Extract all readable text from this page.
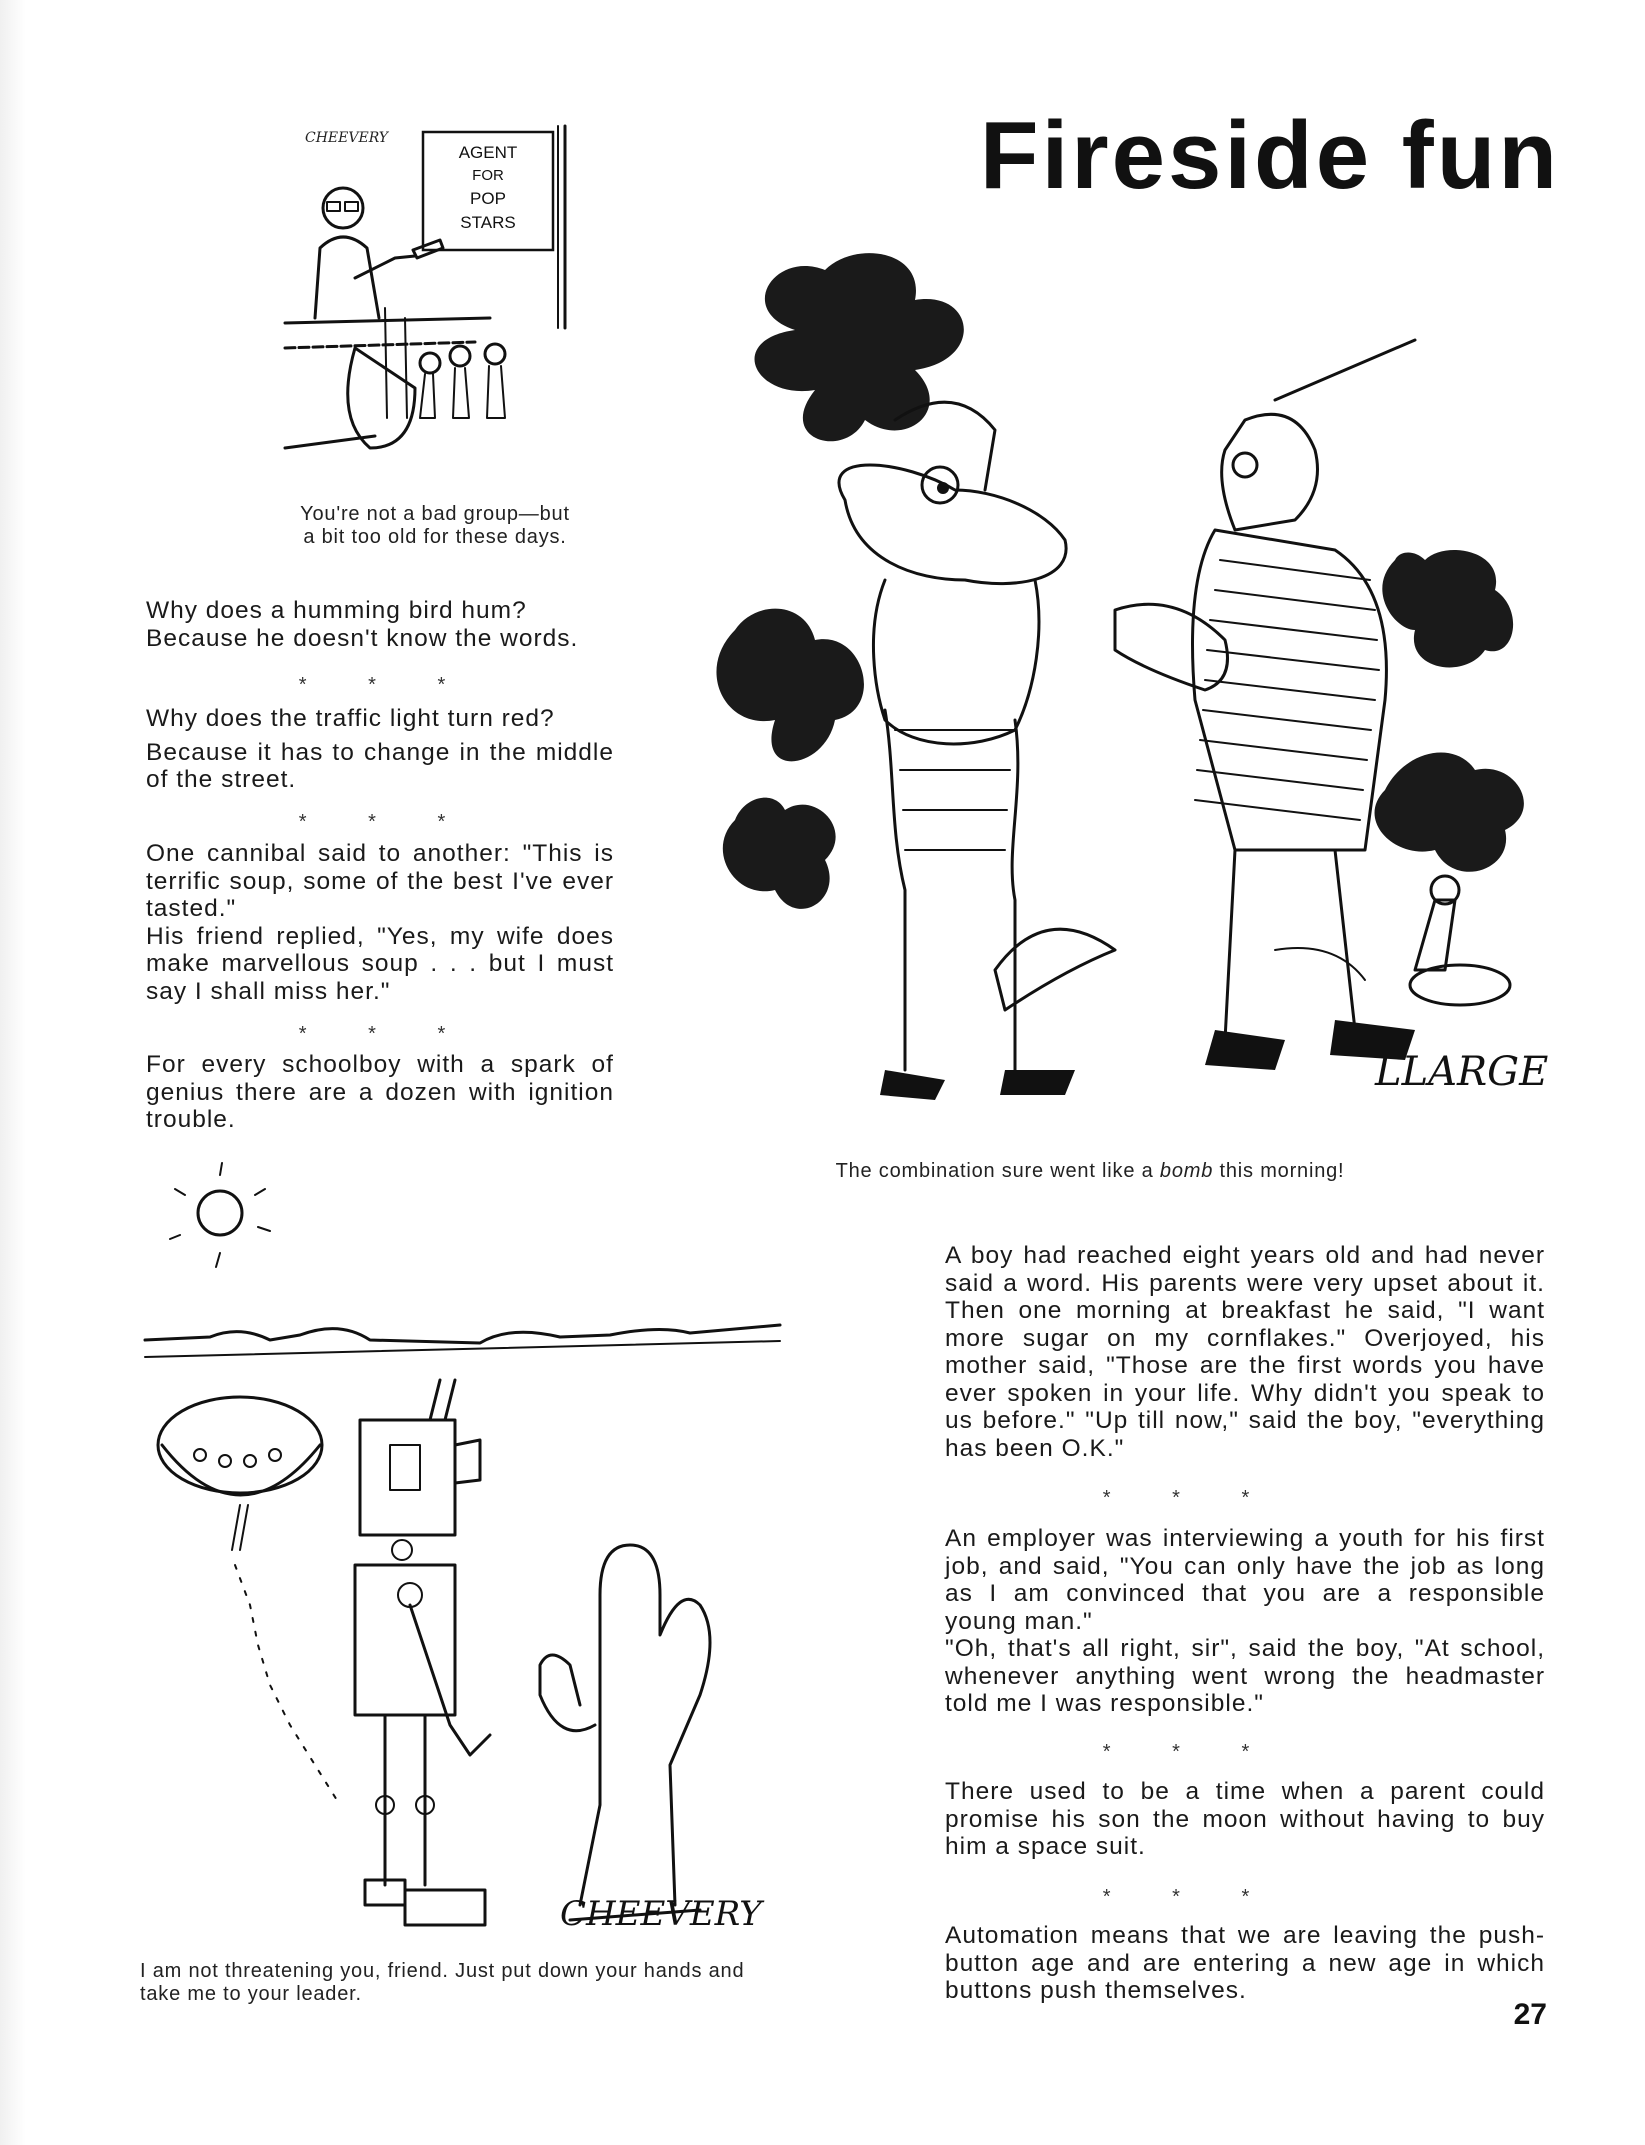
Fireside fun
CHEEVERY
AGENT
FOR
POP
STARS
You're not a bad group—but
a bit too old for these days.

Why does a humming bird hum?

Because he doesn't know the words.

* * *

Why does the traffic light turn red?

Because it has to change in the middle of the street.

* * *

One cannibal said to another: "This is terrific soup, some of the best I've ever tasted."

His friend replied, "Yes, my wife does make marvellous soup . . . but I must say I shall miss her."

* * *

For every schoolboy with a spark of genius there are a dozen with ignition trouble.

LLARGE
The combination sure went like a bomb this morning!
CHEEVERY
I am not threatening you, friend. Just put down your hands and
take me to your leader.

A boy had reached eight years old and had never said a word. His parents were very upset about it. Then one morning at breakfast he said, "I want more sugar on my cornflakes." Overjoyed, his mother said, "Those are the first words you have ever spoken in your life. Why didn't you speak to us before." "Up till now," said the boy, "everything has been O.K."

* * *

An employer was interviewing a youth for his first job, and said, "You can only have the job as long as I am convinced that you are a responsible young man."

"Oh, that's all right, sir", said the boy, "At school, whenever anything went wrong the headmaster told me I was responsible."

* * *

There used to be a time when a parent could promise his son the moon without having to buy him a space suit.

* * *

Automation means that we are leaving the push-button age and are entering a new age in which buttons push themselves.

27
